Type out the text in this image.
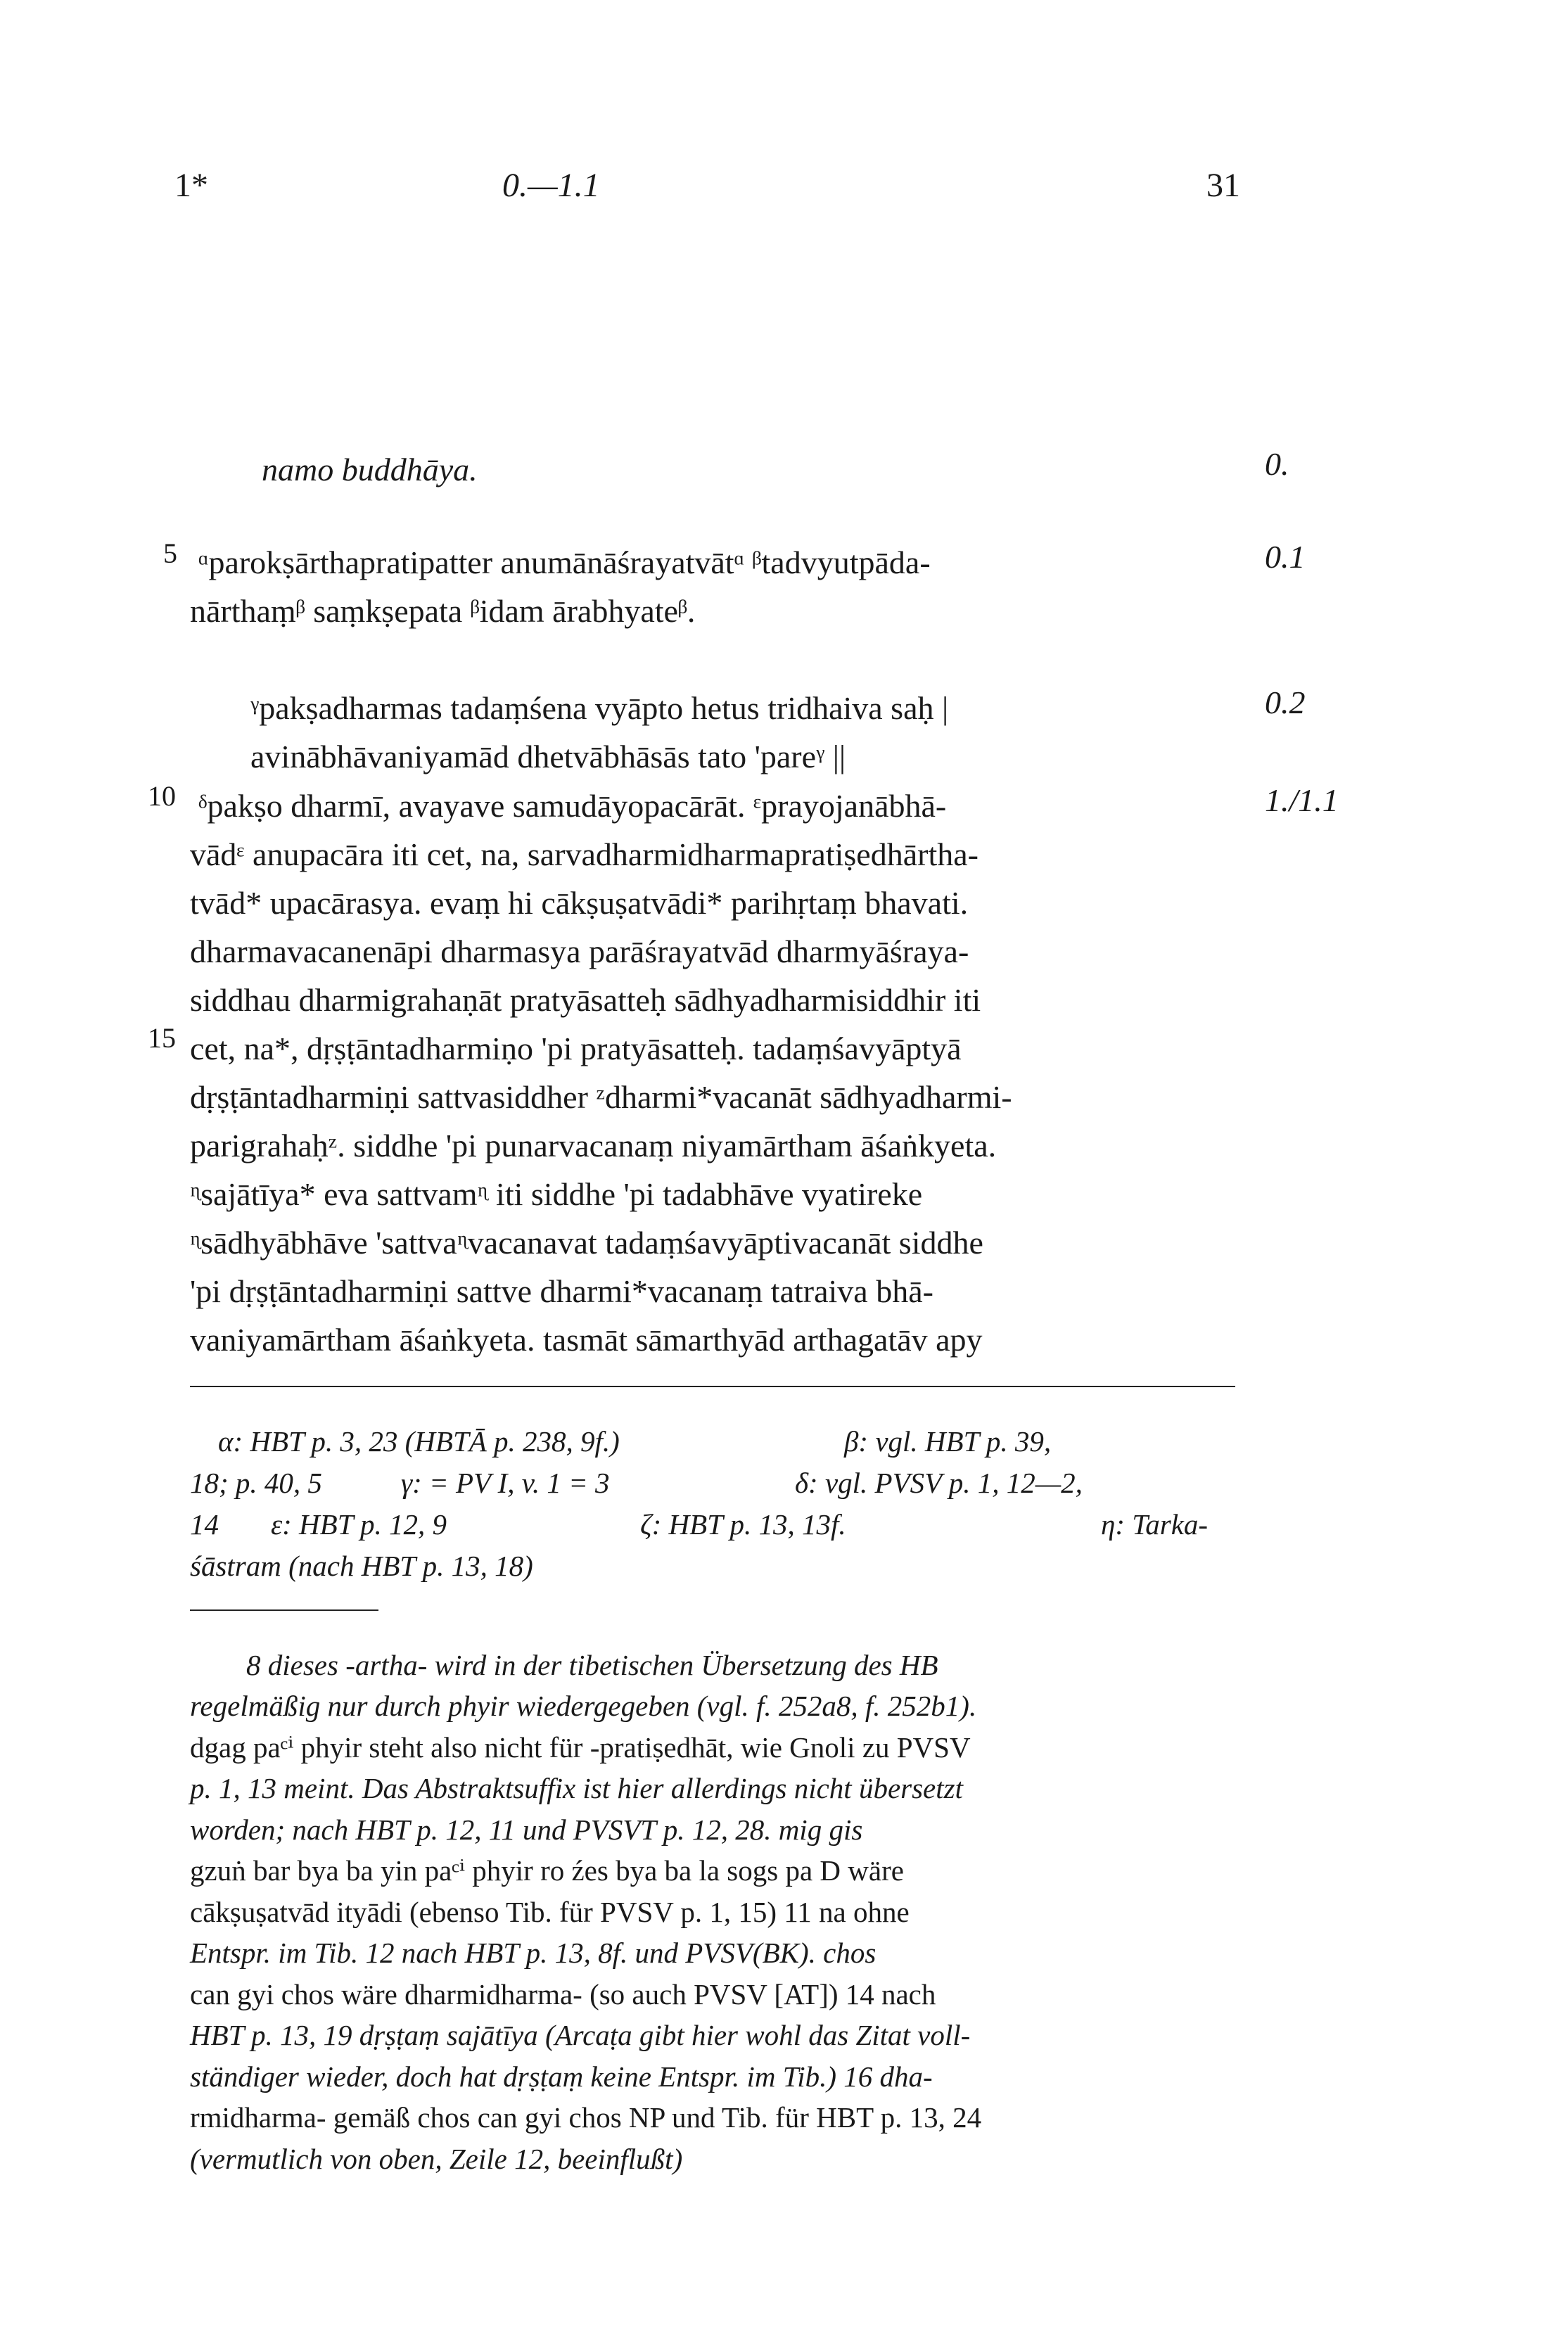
1*	0.—1.1	31
namo buddhāya.	0.
5
10
15
0.1
0.2
1./1.1
ᵅparokṣārthapratipatter anumānāśrayatvātᵅ ᵝtadvyutpāda-
nārthaṃᵝ saṃkṣepata ᵝidam ārabhyateᵝ.
ᵞpakṣadharmas tadaṃśena vyāpto hetus tridhaiva saḥ |
avinābhāvaniyamād dhetvābhāsās tato 'pareᵞ ||
ᵟpakṣo dharmī, avayave samudāyopacārāt. ᵋprayojanābhā-
vādᵋ anupacāra iti cet, na, sarvadharmidharmapratiṣedhārtha-
tvād* upacārasya. evaṃ hi cākṣuṣatvādi* parihṛtaṃ bhavati.
dharmavacanenāpi dharmasya parāśrayatvād dharmyāśraya-
siddhau dharmigrahaṇāt pratyāsatteḥ sādhyadharmisiddhir iti
cet, na*, dṛṣṭāntadharmiṇo 'pi pratyāsatteḥ. tadaṃśavyāptyā
dṛṣṭāntadharmiṇi sattvasiddher ᶻdharmi*vacanāt sādhyadharmi-
parigrahaḥᶻ. siddhe 'pi punarvacanaṃ niyamārtham āśaṅkyeta.
ᶯsajātīya* eva sattvamᶯ iti siddhe 'pi tadabhāve vyatireke
ᶯsādhyābhāve 'sattvaᶯvacanavat tadaṃśavyāptivacanāt siddhe
'pi dṛṣṭāntadharmiṇi sattve dharmi*vacanaṃ tatraiva bhā-
vaniyamārtham āśaṅkyeta. tasmāt sāmarthyād arthagatāv apy
α: HBT p. 3, 23 (HBTĀ p. 238, 9f.)	β: vgl. HBT p. 39,
18; p. 40, 5	γ: = PV I, v. 1 = 3	δ: vgl. PVSV p. 1, 12—2,
14 ε: HBT p. 12, 9	ζ: HBT p. 13, 13f.	η: Tarka-
śāstram (nach HBT p. 13, 18)
8 dieses -artha- wird in der tibetischen Übersetzung des HB
regelmäßig nur durch phyir wiedergegeben (vgl. f. 252a8, f. 252b1).
dgag paᶜⁱ phyir steht also nicht für -pratiṣedhāt, wie Gnoli zu PVSV
p. 1, 13 meint. Das Abstraktsuffix ist hier allerdings nicht übersetzt
worden; nach HBT p. 12, 11 und PVSVT p. 12, 28. mig gis
gzuṅ bar bya ba yin paᶜⁱ phyir ro źes bya ba la sogs pa D wäre
cākṣuṣatvād ityādi (ebenso Tib. für PVSV p. 1, 15) 11 na ohne
Entspr. im Tib. 12 nach HBT p. 13, 8f. und PVSV(BK). chos
can gyi chos wäre dharmidharma- (so auch PVSV [AT]) 14 nach
HBT p. 13, 19 dṛṣṭaṃ sajātīya (Arcaṭa gibt hier wohl das Zitat voll-
ständiger wieder, doch hat dṛṣṭaṃ keine Entspr. im Tib.) 16 dha-
rmidharma- gemäß chos can gyi chos NP und Tib. für HBT p. 13, 24
(vermutlich von oben, Zeile 12, beeinflußt)
